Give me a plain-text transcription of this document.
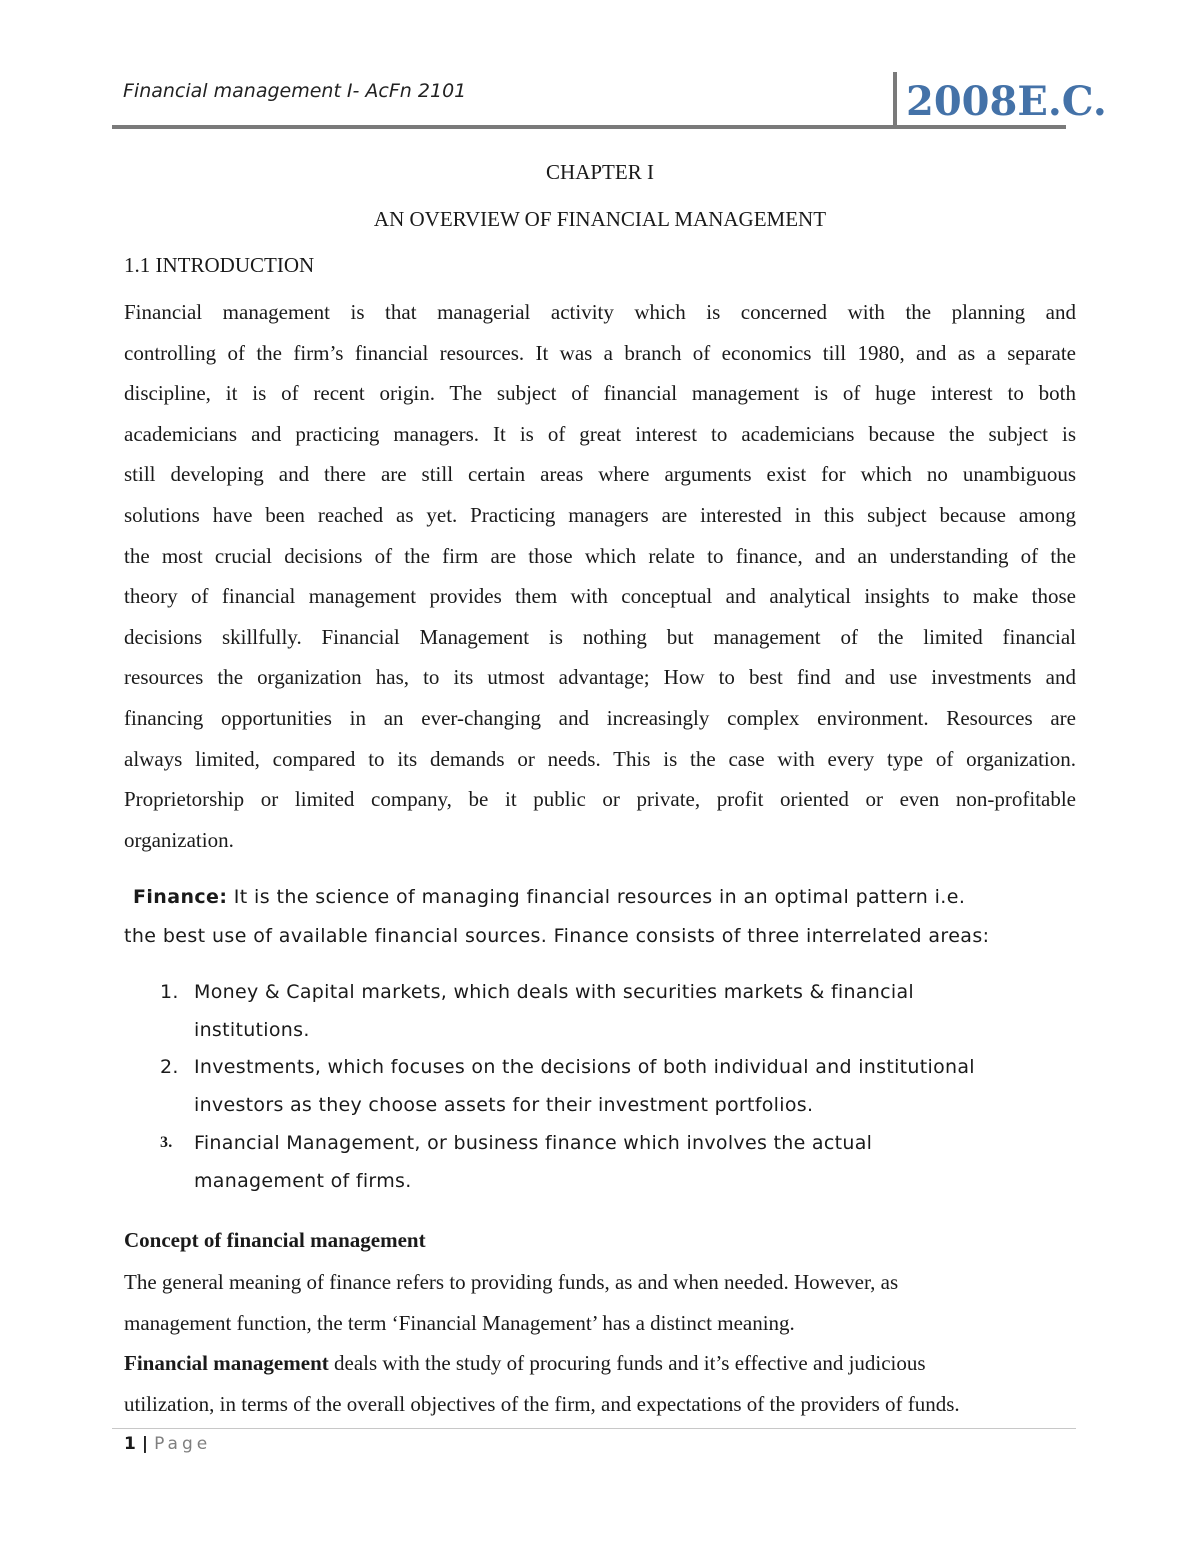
Financial management I- AcFn 2101	2008E.C.
CHAPTER I
AN OVERVIEW OF FINANCIAL MANAGEMENT
1.1 INTRODUCTION
Financial management is that managerial activity which is concerned with the planning and
controlling of the firm’s financial resources. It was a branch of economics till 1980, and as a separate
discipline, it is of recent origin. The subject of financial management is of huge interest to both
academicians and practicing managers. It is of great interest to academicians because the subject is
still developing and there are still certain areas where arguments exist for which no unambiguous
solutions have been reached as yet. Practicing managers are interested in this subject because among
the most crucial decisions of the firm are those which relate to finance, and an understanding of the
theory of financial management provides them with conceptual and analytical insights to make those
decisions skillfully. Financial Management is nothing but management of the limited financial
resources the organization has, to its utmost advantage; How to best find and use investments and
financing opportunities in an ever-changing and increasingly complex environment. Resources are
always limited, compared to its demands or needs. This is the case with every type of organization.
Proprietorship or limited company, be it public or private, profit oriented or even non-profitable
organization.
Finance: It is the science of managing financial resources in an optimal pattern i.e.
the best use of available financial sources. Finance consists of three interrelated areas:
1. Money & Capital markets, which deals with securities markets & financial
institutions.
2. Investments, which focuses on the decisions of both individual and institutional
investors as they choose assets for their investment portfolios.
3.	Financial Management, or business finance which involves the actual
management of firms.
Concept of financial management
The general meaning of finance refers to providing funds, as and when needed. However, as
management function, the term ‘Financial Management’ has a distinct meaning.
Financial management deals with the study of procuring funds and it’s effective and judicious
utilization, in terms of the overall objectives of the firm, and expectations of the providers of funds.
1 | Page
